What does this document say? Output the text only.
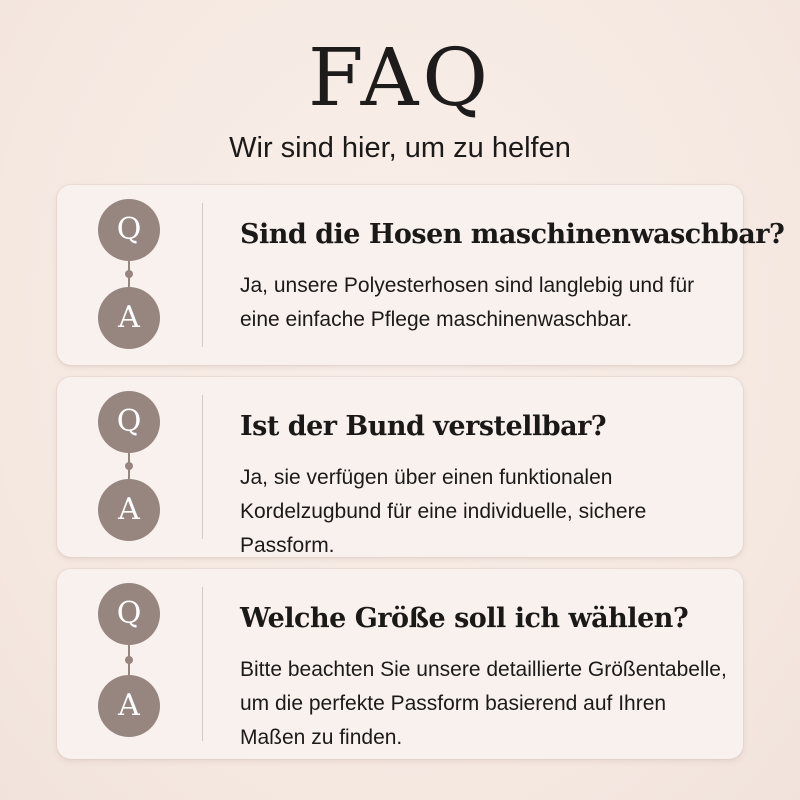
FAQ

Wir sind hier, um zu helfen

Q
A
Sind die Hosen maschinenwaschbar?

Ja, unsere Polyesterhosen sind langlebig und für eine einfache Pflege maschinenwaschbar.

Q
A
Ist der Bund verstellbar?

Ja, sie verfügen über einen funktionalen Kordelzugbund für eine individuelle, sichere Passform.

Q
A
Welche Größe soll ich wählen?

Bitte beachten Sie unsere detaillierte Größentabelle, um die perfekte Passform basierend auf Ihren Maßen zu finden.
